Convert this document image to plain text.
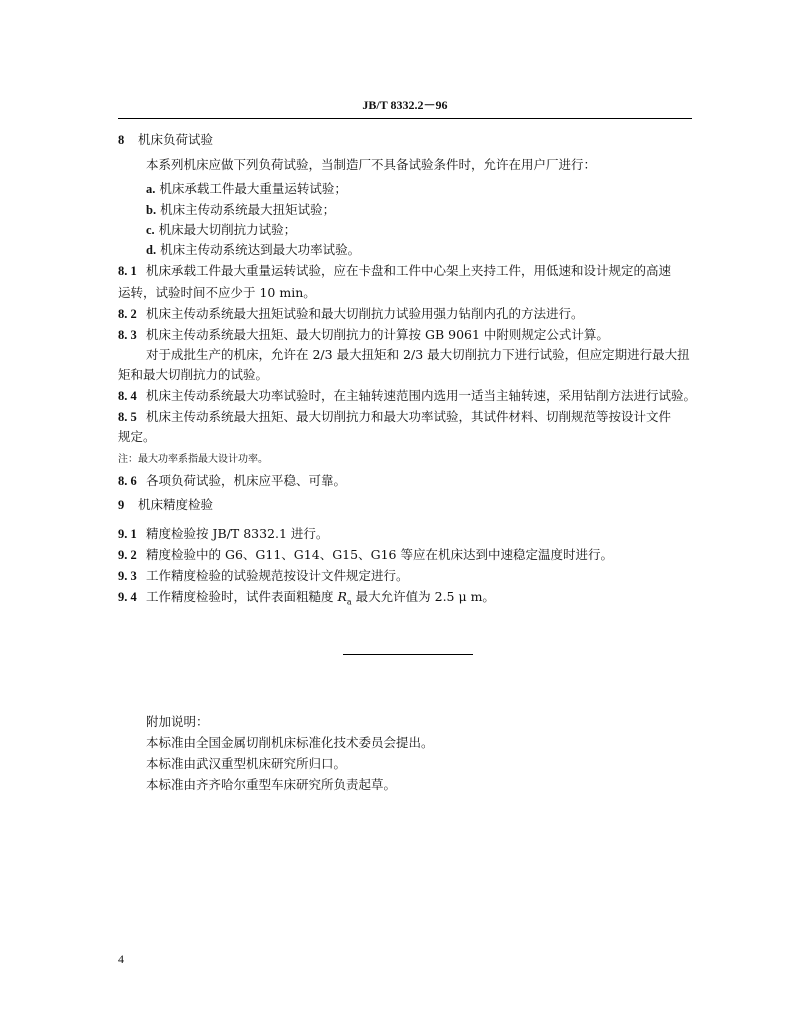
JB/T 8332.2－96
8 机床负荷试验
本系列机床应做下列负荷试验，当制造厂不具备试验条件时，允许在用户厂进行：
a. 机床承载工件最大重量运转试验；
b. 机床主传动系统最大扭矩试验；
c. 机床最大切削抗力试验；
d. 机床主传动系统达到最大功率试验。
8. 1 机床承载工件最大重量运转试验，应在卡盘和工件中心架上夹持工件，用低速和设计规定的高速
运转，试验时间不应少于 10 min。
8. 2 机床主传动系统最大扭矩试验和最大切削抗力试验用强力钻削内孔的方法进行。
8. 3 机床主传动系统最大扭矩、最大切削抗力的计算按 GB 9061 中附则规定公式计算。
对于成批生产的机床，允许在 2/3 最大扭矩和 2/3 最大切削抗力下进行试验，但应定期进行最大扭
矩和最大切削抗力的试验。
8. 4 机床主传动系统最大功率试验时，在主轴转速范围内选用一适当主轴转速，采用钻削方法进行试验。
8. 5 机床主传动系统最大扭矩、最大切削抗力和最大功率试验，其试件材料、切削规范等按设计文件
规定。
注：最大功率系指最大设计功率。
8. 6 各项负荷试验，机床应平稳、可靠。
9 机床精度检验
9. 1 精度检验按 JB/T 8332.1 进行。
9. 2 精度检验中的 G6、G11、G14、G15、G16 等应在机床达到中速稳定温度时进行。
9. 3 工作精度检验的试验规范按设计文件规定进行。
9. 4 工作精度检验时，试件表面粗糙度 $R_a$ 最大允许值为 2.5 μ m。
附加说明：
本标准由全国金属切削机床标准化技术委员会提出。
本标准由武汉重型机床研究所归口。
本标准由齐齐哈尔重型车床研究所负责起草。
4
